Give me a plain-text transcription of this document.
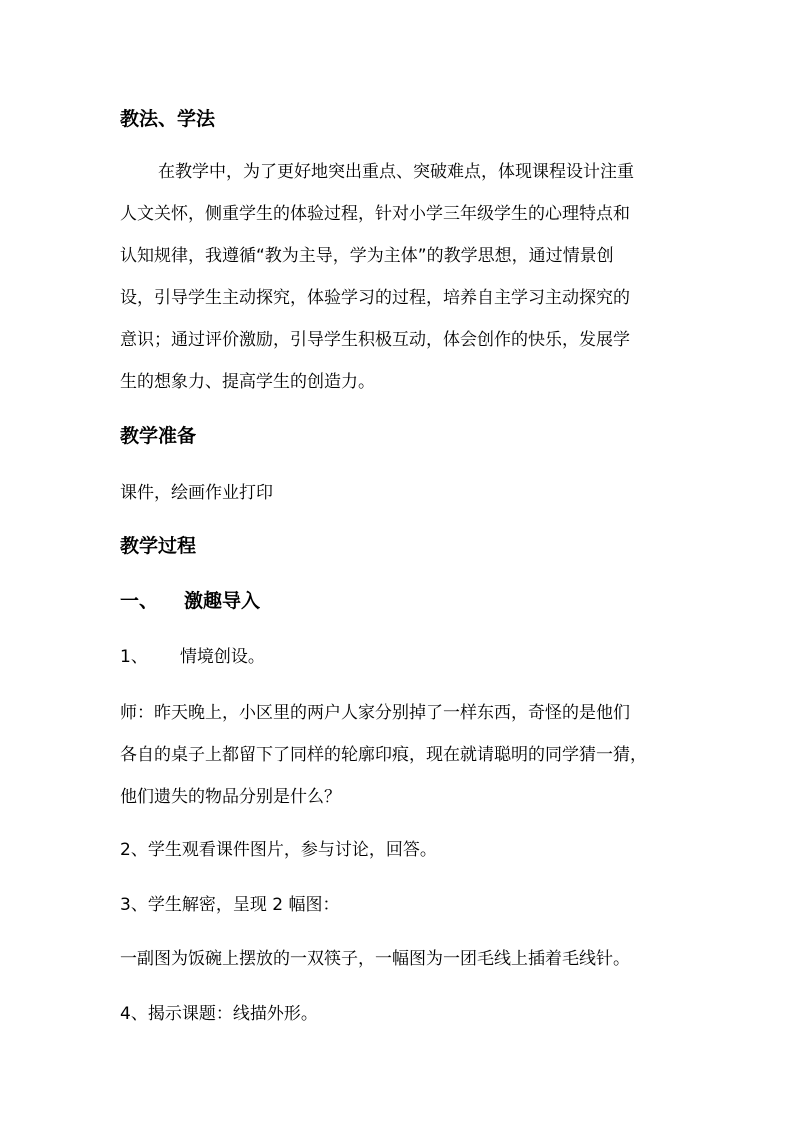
教法、学法
在教学中，为了更好地突出重点、突破难点，体现课程设计注重
人文关怀，侧重学生的体验过程，针对小学三年级学生的心理特点和
认知规律，我遵循“教为主导，学为主体”的教学思想，通过情景创
设，引导学生主动探究，体验学习的过程，培养自主学习主动探究的
意识；通过评价激励，引导学生积极互动，体会创作的快乐，发展学
生的想象力、提高学生的创造力。
教学准备
课件，绘画作业打印
教学过程
一、 激趣导入
1、 情境创设。
师：昨天晚上，小区里的两户人家分别掉了一样东西，奇怪的是他们
各自的桌子上都留下了同样的轮廓印痕，现在就请聪明的同学猜一猜，
他们遗失的物品分别是什么？
2、学生观看课件图片，参与讨论，回答。
3、学生解密，呈现 2 幅图：
一副图为饭碗上摆放的一双筷子，一幅图为一团毛线上插着毛线针。
4、揭示课题：线描外形。
